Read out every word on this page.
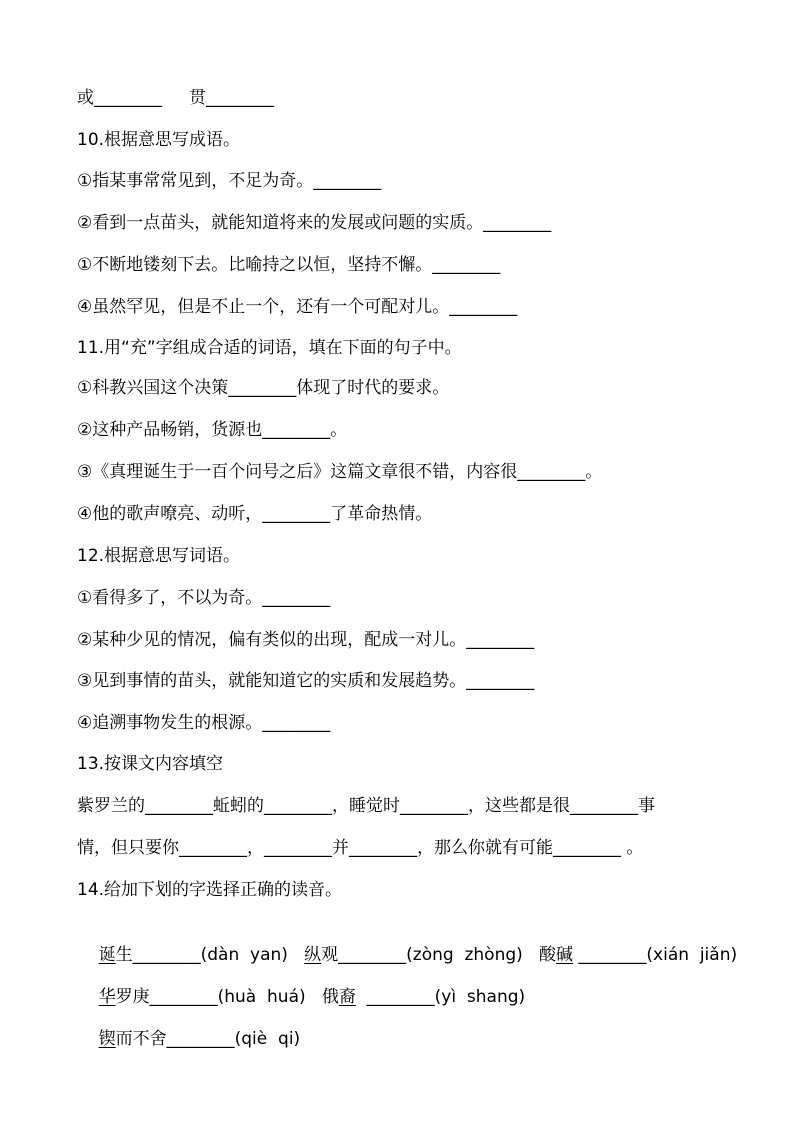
或________     贯________
10.根据意思写成语。
①指某事常常见到，不足为奇。________
②看到一点苗头，就能知道将来的发展或问题的实质。________
①不断地镂刻下去。比喻持之以恒，坚持不懈。________
④虽然罕见，但是不止一个，还有一个可配对儿。________
11.用“充”字组成合适的词语，填在下面的句子中。
①科教兴国这个决策________体现了时代的要求。
②这种产品畅销，货源也________。
③《真理诞生于一百个问号之后》这篇文章很不错，内容很________。
④他的歌声嘹亮、动听，________了革命热情。
12.根据意思写词语。
①看得多了，不以为奇。________
②某种少见的情况，偏有类似的出现，配成一对儿。________
③见到事情的苗头，就能知道它的实质和发展趋势。________
④追溯事物发生的根源。________
13.按课文内容填空
紫罗兰的________蚯蚓的________，睡觉时________，这些都是很________事
情，但只要你________，________并________，那么你就有可能________ 。
14.给加下划的字选择正确的读音。

诞生________(dàn  yan) 纵观________(zòng  zhòng) 酸碱 ________(xián  jiǎn)

华罗庚________(huà  huá) 俄裔  ________(yì  shang)

锲而不舍________(qiè  qi)
